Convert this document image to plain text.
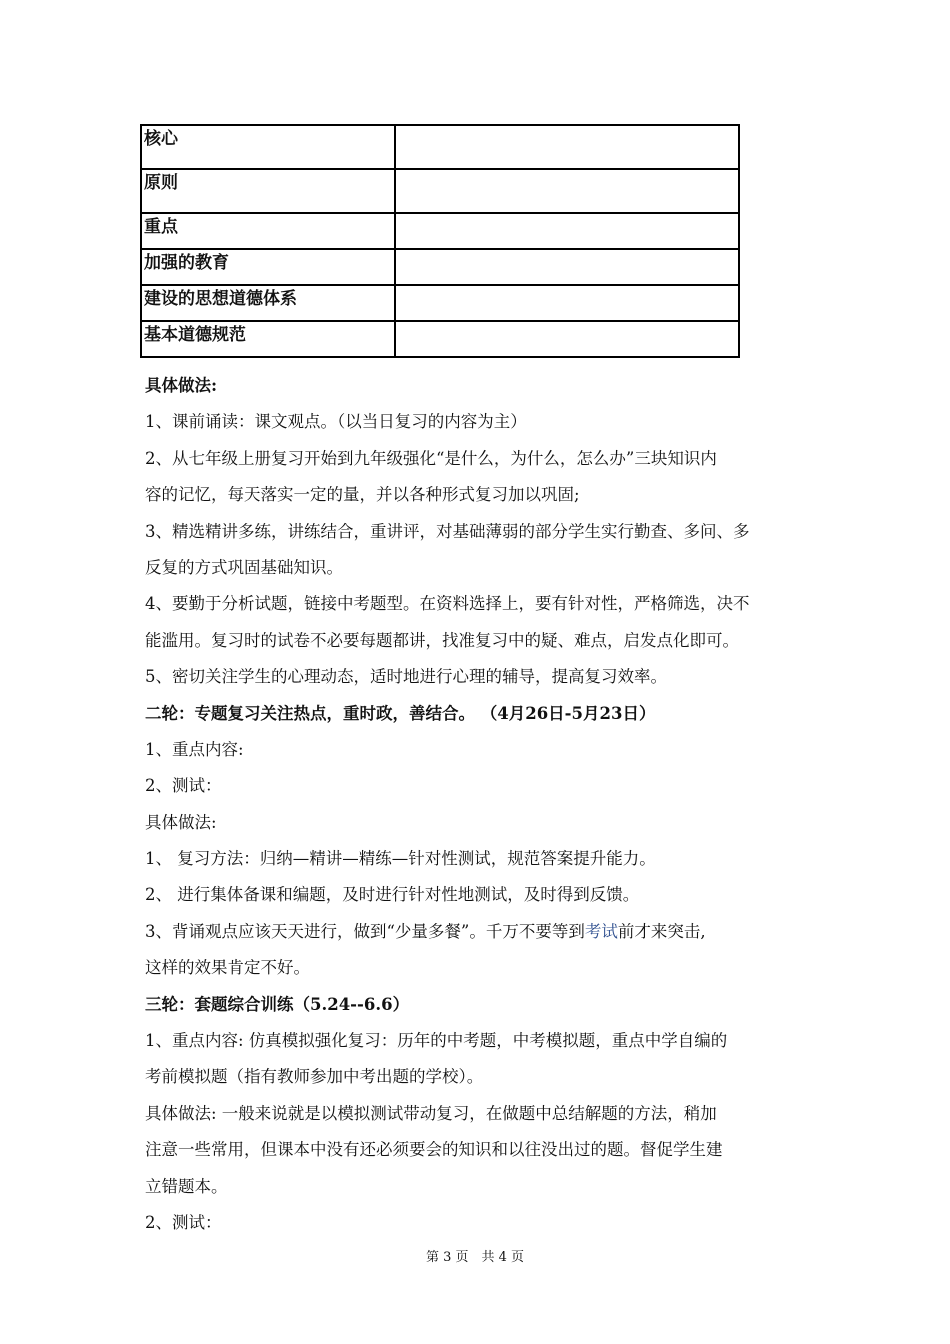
核心	
原则	
重点	
加强的教育	
建设的思想道德体系	
基本道德规范	
具体做法:
1、课前诵读：课文观点。（以当日复习的内容为主）
2、从七年级上册复习开始到九年级强化“是什么，为什么，怎么办”三块知识内
容的记忆，每天落实一定的量，并以各种形式复习加以巩固;
3、精选精讲多练，讲练结合，重讲评，对基础薄弱的部分学生实行勤查、多问、多
反复的方式巩固基础知识。
4、要勤于分析试题，链接中考题型。在资料选择上，要有针对性，严格筛选，决不
能滥用。复习时的试卷不必要每题都讲，找准复习中的疑、难点，启发点化即可。
5、密切关注学生的心理动态，适时地进行心理的辅导，提高复习效率。
二轮：专题复习关注热点，重时政，善结合。 （4月26日-5月23日）
1、重点内容:
2、测试：
具体做法:
1、 复习方法：归纳—精讲—精练—针对性测试，规范答案提升能力。
2、 进行集体备课和编题，及时进行针对性地测试，及时得到反馈。
3、背诵观点应该天天进行，做到“少量多餐”。千万不要等到考试前才来突击,
这样的效果肯定不好。
三轮：套题综合训练（5.24--6.6）
1、重点内容: 仿真模拟强化复习：历年的中考题，中考模拟题，重点中学自编的
考前模拟题（指有教师参加中考出题的学校）。
具体做法: 一般来说就是以模拟测试带动复习，在做题中总结解题的方法，稍加
注意一些常用，但课本中没有还必须要会的知识和以往没出过的题。督促学生建
立错题本。
2、测试：
第 3 页　共 4 页
